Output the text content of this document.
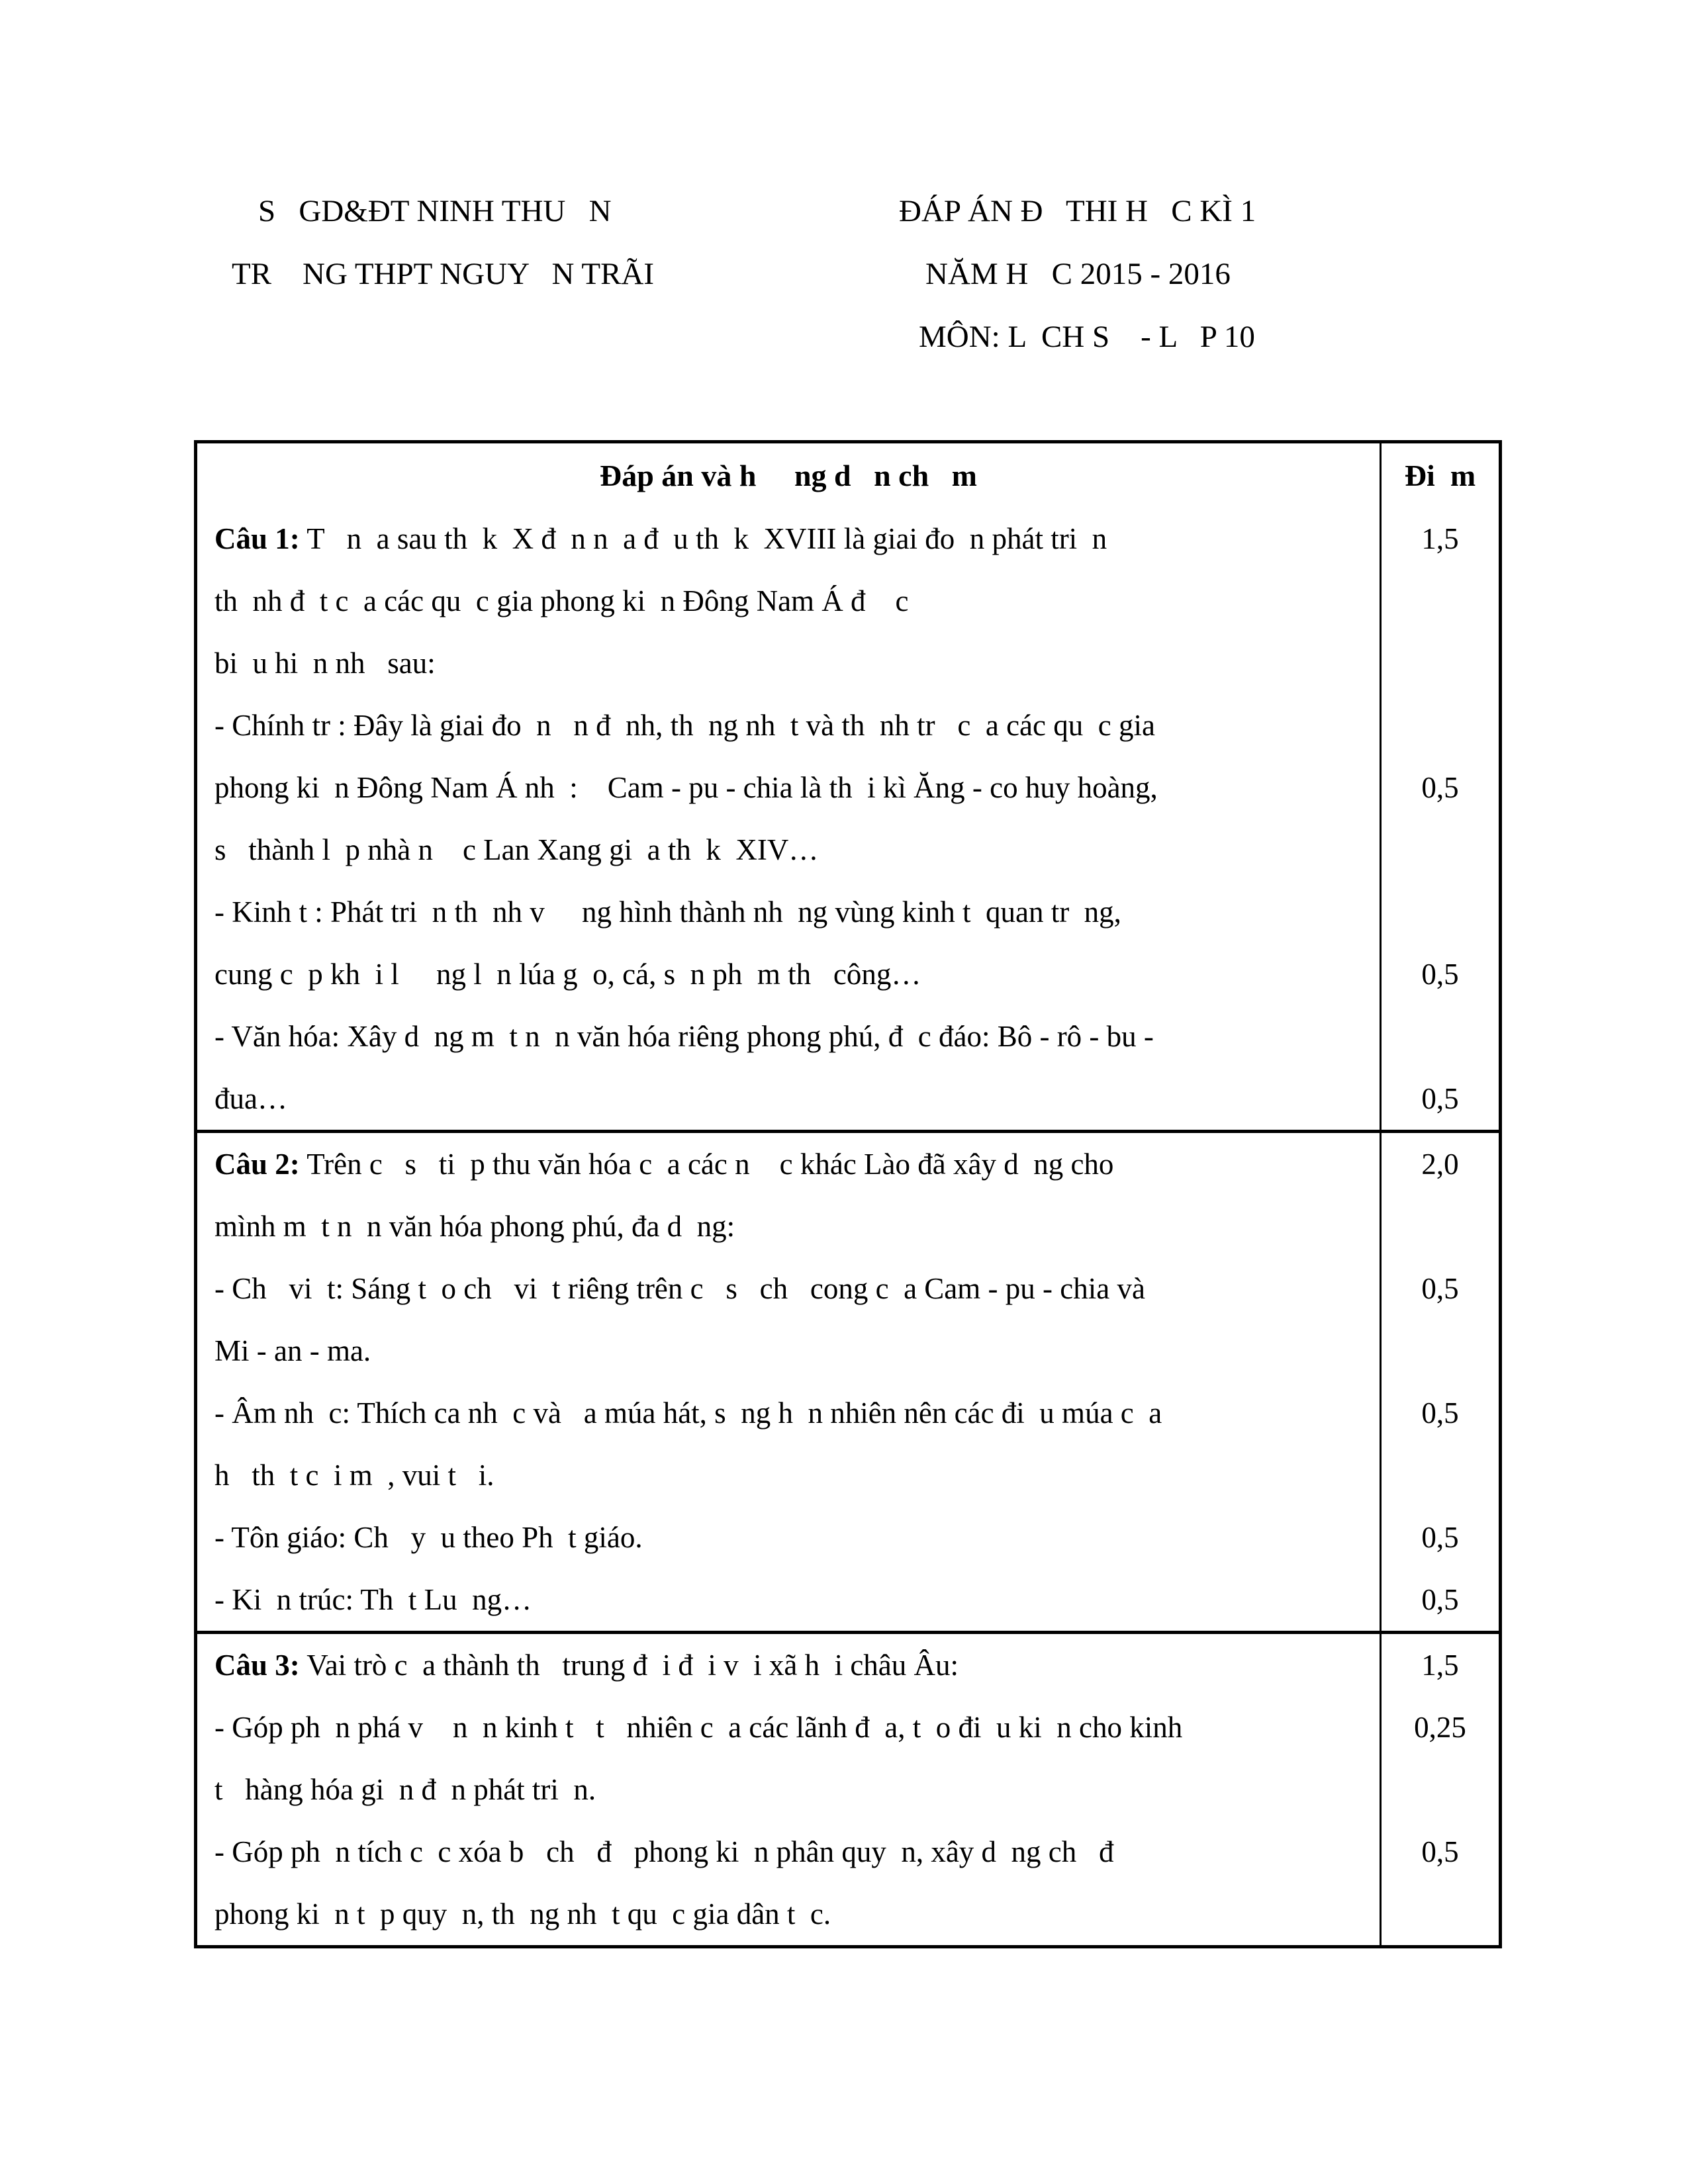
S   GD&ĐT NINH THU   N
TR    NG THPT NGUY   N TRÃI
ĐÁP ÁN Đ   THI H   C KÌ 1
NĂM H   C 2015 - 2016
MÔN: L  CH S    - L   P 10
Đáp án và h     ng d   n ch   m	Đi  m
Câu 1: T   n  a sau th  k  X đ  n n  a đ  u th  k  XVIII là giai đo  n phát tri  n
th  nh đ  t c  a các qu  c gia phong ki  n Đông Nam Á đ    c
bi  u hi  n nh   sau:
- Chính tr : Đây là giai đo  n   n đ  nh, th  ng nh  t và th  nh tr   c  a các qu  c gia
phong ki  n Đông Nam Á nh  :    Cam - pu - chia là th  i kì Ăng - co huy hoàng,
s   thành l  p nhà n    c Lan Xang gi  a th  k  XIV…
- Kinh t : Phát tri  n th  nh v     ng hình thành nh  ng vùng kinh t  quan tr  ng,
cung c  p kh  i l     ng l  n lúa g  o, cá, s  n ph  m th   công…
- Văn hóa: Xây d  ng m  t n  n văn hóa riêng phong phú, đ  c đáo: Bô - rô - bu -
đua…
1,5
0,5
0,5
0,5
Câu 2: Trên c   s   ti  p thu văn hóa c  a các n    c khác Lào đã xây d  ng cho
mình m  t n  n văn hóa phong phú, đa d  ng:
- Ch   vi  t: Sáng t  o ch   vi  t riêng trên c   s   ch   cong c  a Cam - pu - chia và
Mi - an - ma.
- Âm nh  c: Thích ca nh  c và   a múa hát, s  ng h  n nhiên nên các đi  u múa c  a
h   th  t c  i m  , vui t   i.
- Tôn giáo: Ch   y  u theo Ph  t giáo.
- Ki  n trúc: Th  t Lu  ng…
2,0
0,5
0,5
0,5
0,5
Câu 3: Vai trò c  a thành th   trung đ  i đ  i v  i xã h  i châu Âu:
- Góp ph  n phá v    n  n kinh t   t   nhiên c  a các lãnh đ  a, t  o đi  u ki  n cho kinh
t   hàng hóa gi  n đ  n phát tri  n.
- Góp ph  n tích c  c xóa b   ch   đ   phong ki  n phân quy  n, xây d  ng ch   đ
phong ki  n t  p quy  n, th  ng nh  t qu  c gia dân t  c.
1,5
0,25
0,5
